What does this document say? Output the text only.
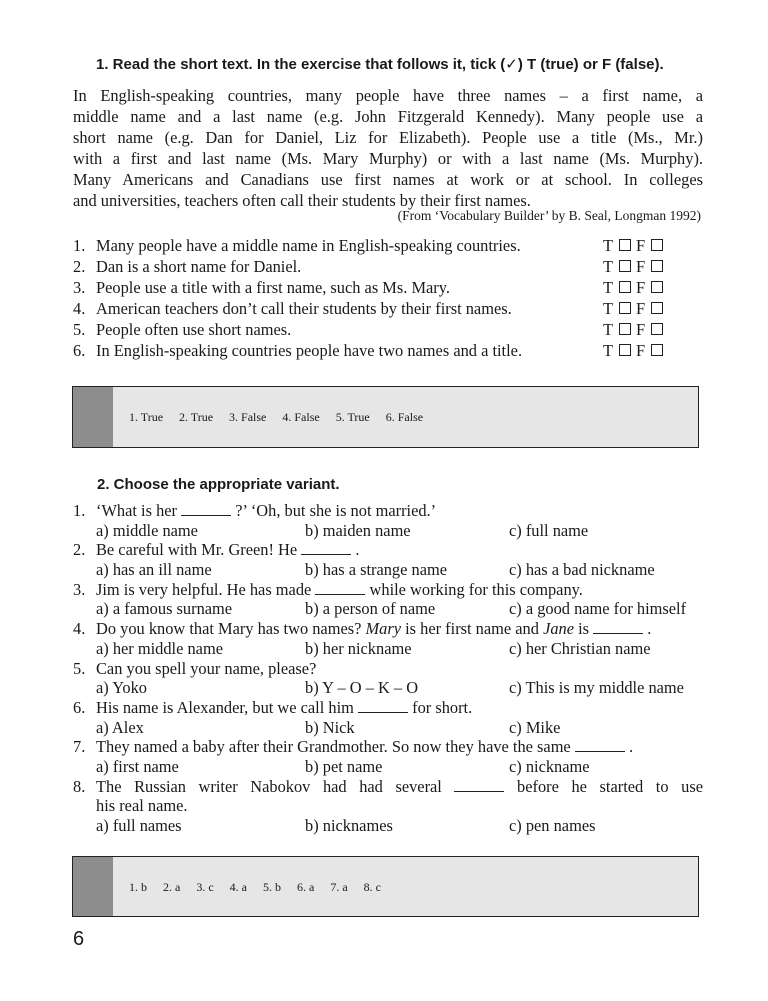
1. Read the short text. In the exercise that follows it, tick (✓) T (true) or F (false).
In English-speaking countries, many people have three names – a first name, a
middle name and a last name (e.g. John Fitzgerald Kennedy). Many people use a
short name (e.g. Dan for Daniel, Liz for Elizabeth). People use a title (Ms., Mr.)
with a first and last name (Ms. Mary Murphy) or with a last name (Ms. Murphy).
Many Americans and Canadians use first names at work or at school. In colleges
and universities, teachers often call their students by their first names.
(From ‘Vocabulary Builder’ by B. Seal, Longman 1992)
1. Many people have a middle name in English-speaking countries.	T F
2. Dan is a short name for Daniel.	T F
3. People use a title with a first name, such as Ms. Mary.	T F
4. American teachers don’t call their students by their first names.	T F
5. People often use short names.	T F
6. In English-speaking countries people have two names and a title.	T F
1. True 2. True 3. False 4. False 5. True 6. False
2. Choose the appropriate variant.
1. ‘What is her	?’ ‘Oh, but she is not married.’
a) middle name	b) maiden name	c) full name
2. Be careful with Mr. Green! He	.
a) has an ill name	b) has a strange name	c) has a bad nickname
3. Jim is very helpful. He has made	while working for this company.
a) a famous surname	b) a person of name	c) a good name for himself
4. Do you know that Mary has two names? Mary is her first name and Jane is	.
a) her middle name	b) her nickname	c) her Christian name
5. Can you spell your name, please?
a) Yoko	b) Y – O – K – O	c) This is my middle name
6. His name is Alexander, but we call him	for short.
a) Alex	b) Nick	c) Mike
7. They named a baby after their Grandmother. So now they have the same	.
a) first name	b) pet name	c) nickname
8. The Russian writer Nabokov had had several	before he started to use
his real name.
a) full names	b) nicknames	c) pen names
1. b 2. a 3. c 4. a 5. b 6. a 7. a 8. c
6
